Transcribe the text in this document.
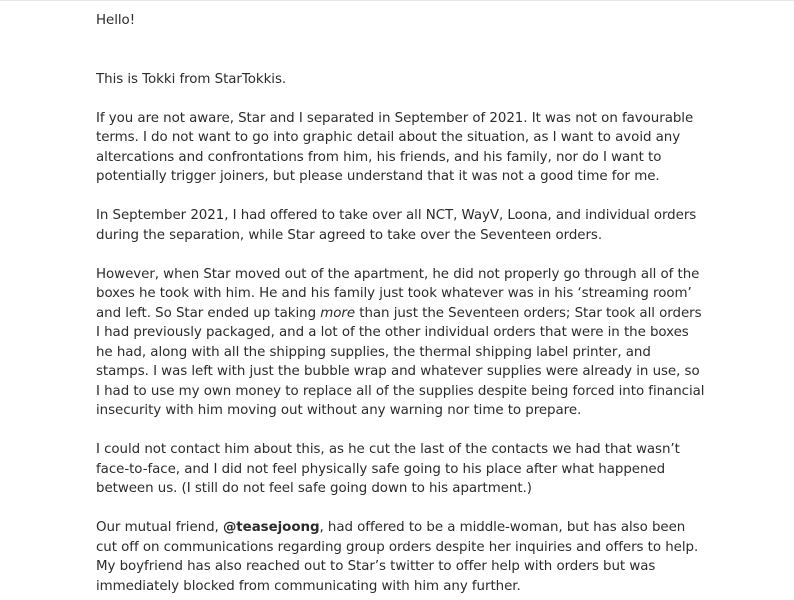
Hello!

This is Tokki from StarTokkis.

If you are not aware, Star and I separated in September of 2021. It was not on favourable terms. I do not want to go into graphic detail about the situation, as I want to avoid any altercations and confrontations from him, his friends, and his family, nor do I want to potentially trigger joiners, but please understand that it was not a good time for me.

In September 2021, I had offered to take over all NCT, WayV, Loona, and individual orders during the separation, while Star agreed to take over the Seventeen orders.

However, when Star moved out of the apartment, he did not properly go through all of the boxes he took with him. He and his family just took whatever was in his ‘streaming room’ and left. So Star ended up taking more than just the Seventeen orders; Star took all orders I had previously packaged, and a lot of the other individual orders that were in the boxes he had, along with all the shipping supplies, the thermal shipping label printer, and stamps. I was left with just the bubble wrap and whatever supplies were already in use, so I had to use my own money to replace all of the supplies despite being forced into financial insecurity with him moving out without any warning nor time to prepare.

I could not contact him about this, as he cut the last of the contacts we had that wasn’t face-to-face, and I did not feel physically safe going to his place after what happened between us. (I still do not feel safe going down to his apartment.)

Our mutual friend, @teasejoong, had offered to be a middle-woman, but has also been cut off on communications regarding group orders despite her inquiries and offers to help. My boyfriend has also reached out to Star’s twitter to offer help with orders but was immediately blocked from communicating with him any further.
